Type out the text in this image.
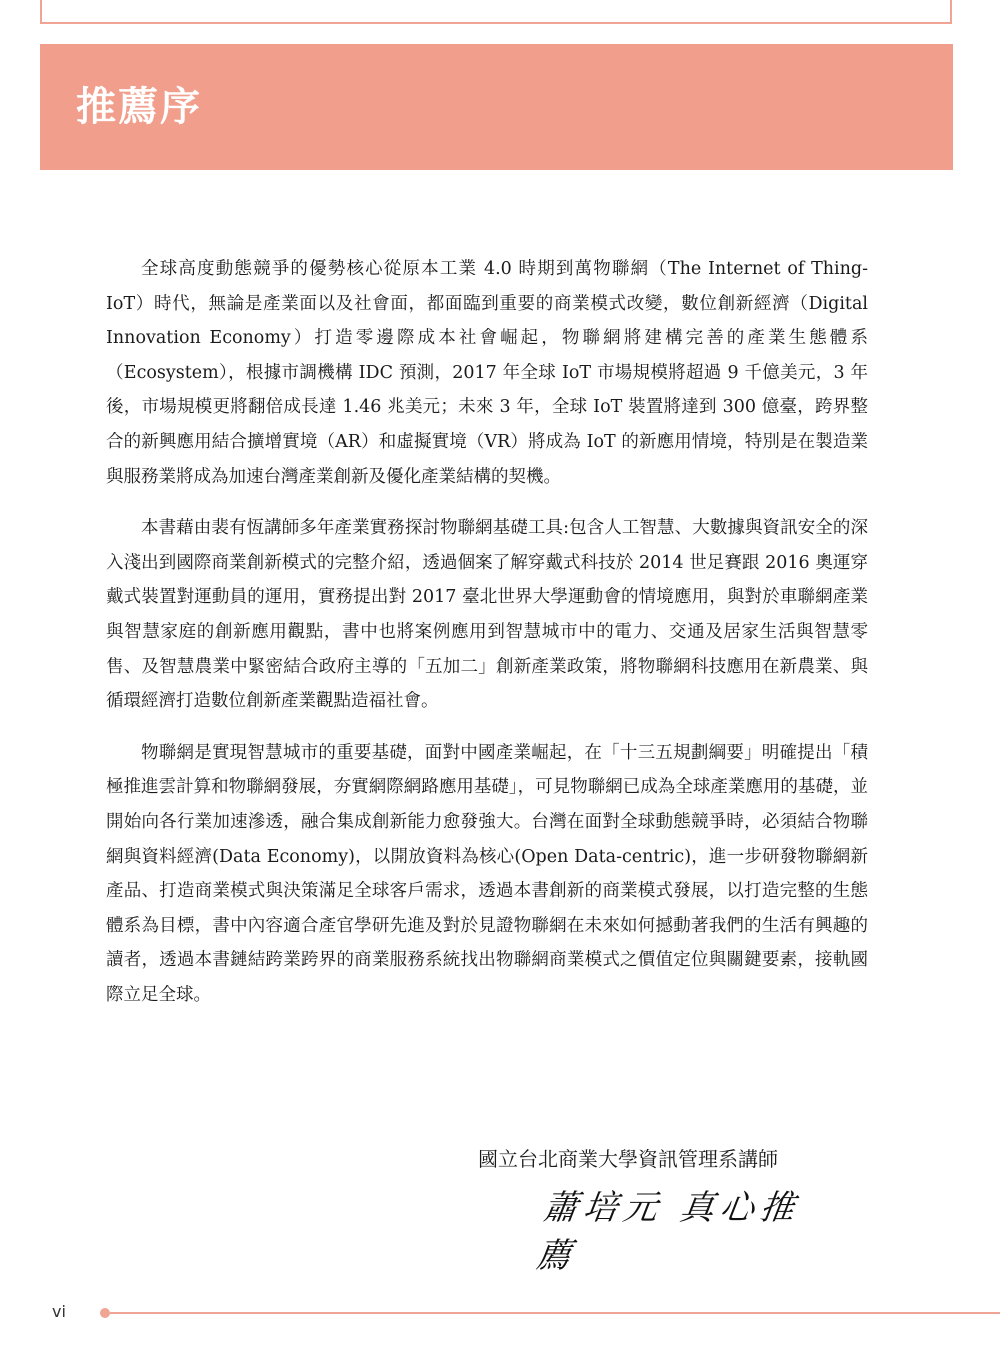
推薦序

全球高度動態競爭的優勢核心從原本工業 4.0 時期到萬物聯網（The Internet of Thing-IoT）時代，無論是產業面以及社會面，都面臨到重要的商業模式改變，數位創新經濟（Digital Innovation Economy）打造零邊際成本社會崛起，物聯網將建構完善的產業生態體系（Ecosystem），根據市調機構 IDC 預測，2017 年全球 IoT 市場規模將超過 9 千億美元，3 年後，市場規模更將翻倍成長達 1.46 兆美元；未來 3 年，全球 IoT 裝置將達到 300 億臺，跨界整合的新興應用結合擴增實境（AR）和虛擬實境（VR）將成為 IoT 的新應用情境，特別是在製造業與服務業將成為加速台灣產業創新及優化產業結構的契機。

本書藉由裴有恆講師多年產業實務探討物聯網基礎工具:包含人工智慧、大數據與資訊安全的深入淺出到國際商業創新模式的完整介紹，透過個案了解穿戴式科技於 2014 世足賽跟 2016 奧運穿戴式裝置對運動員的運用，實務提出對 2017 臺北世界大學運動會的情境應用，與對於車聯網產業與智慧家庭的創新應用觀點，書中也將案例應用到智慧城市中的電力、交通及居家生活與智慧零售、及智慧農業中緊密結合政府主導的「五加二」創新產業政策，將物聯網科技應用在新農業、與循環經濟打造數位創新產業觀點造福社會。

物聯網是實現智慧城市的重要基礎，面對中國產業崛起，在「十三五規劃綱要」明確提出「積極推進雲計算和物聯網發展，夯實網際網路應用基礎」，可見物聯網已成為全球產業應用的基礎，並開始向各行業加速滲透，融合集成創新能力愈發強大。台灣在面對全球動態競爭時，必須結合物聯網與資料經濟(Data Economy)，以開放資料為核心(Open Data-centric)，進一步研發物聯網新產品、打造商業模式與決策滿足全球客戶需求，透過本書創新的商業模式發展，以打造完整的生態體系為目標，書中內容適合產官學研先進及對於見證物聯網在未來如何撼動著我們的生活有興趣的讀者，透過本書鏈結跨業跨界的商業服務系統找出物聯網商業模式之價值定位與關鍵要素，接軌國際立足全球。

國立台北商業大學資訊管理系講師
蕭培元 真心推薦
vi
